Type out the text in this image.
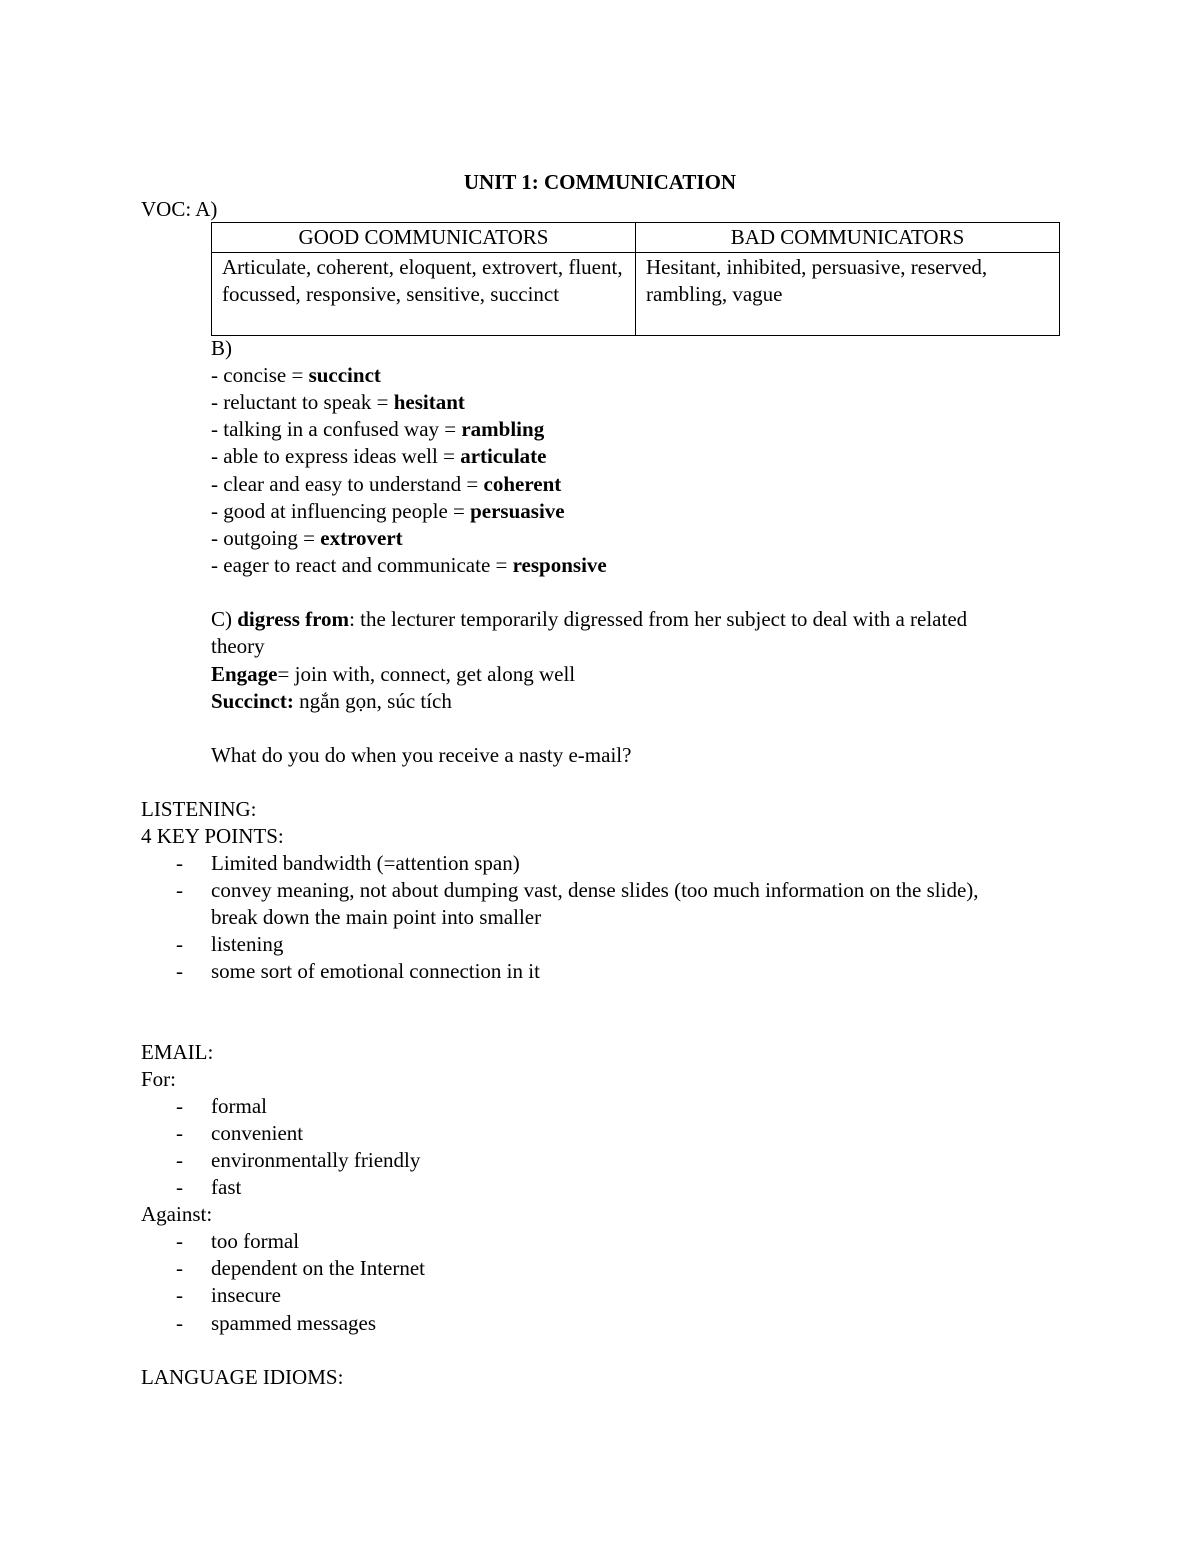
UNIT 1: COMMUNICATION
VOC: A)
GOOD COMMUNICATORS	BAD COMMUNICATORS
Articulate, coherent, eloquent, extrovert, fluent, focussed, responsive, sensitive, succinct	Hesitant, inhibited, persuasive, reserved, rambling, vague
B)
- concise = succinct
- reluctant to speak = hesitant
- talking in a confused way = rambling
- able to express ideas well = articulate
- clear and easy to understand = coherent
- good at influencing people = persuasive
- outgoing = extrovert
- eager to react and communicate = responsive
C) digress from: the lecturer temporarily digressed from her subject to deal with a related theory
Engage= join with, connect, get along well
Succinct: ngắn gọn, súc tích
What do you do when you receive a nasty e-mail?
LISTENING:
4 KEY POINTS:
- Limited bandwidth (=attention span)
- convey meaning, not about dumping vast, dense slides (too much information on the slide), break down the main point into smaller
- listening
- some sort of emotional connection in it
EMAIL:
For:
- formal
- convenient
- environmentally friendly
- fast
Against:
- too formal
- dependent on the Internet
- insecure
- spammed messages
LANGUAGE IDIOMS:
